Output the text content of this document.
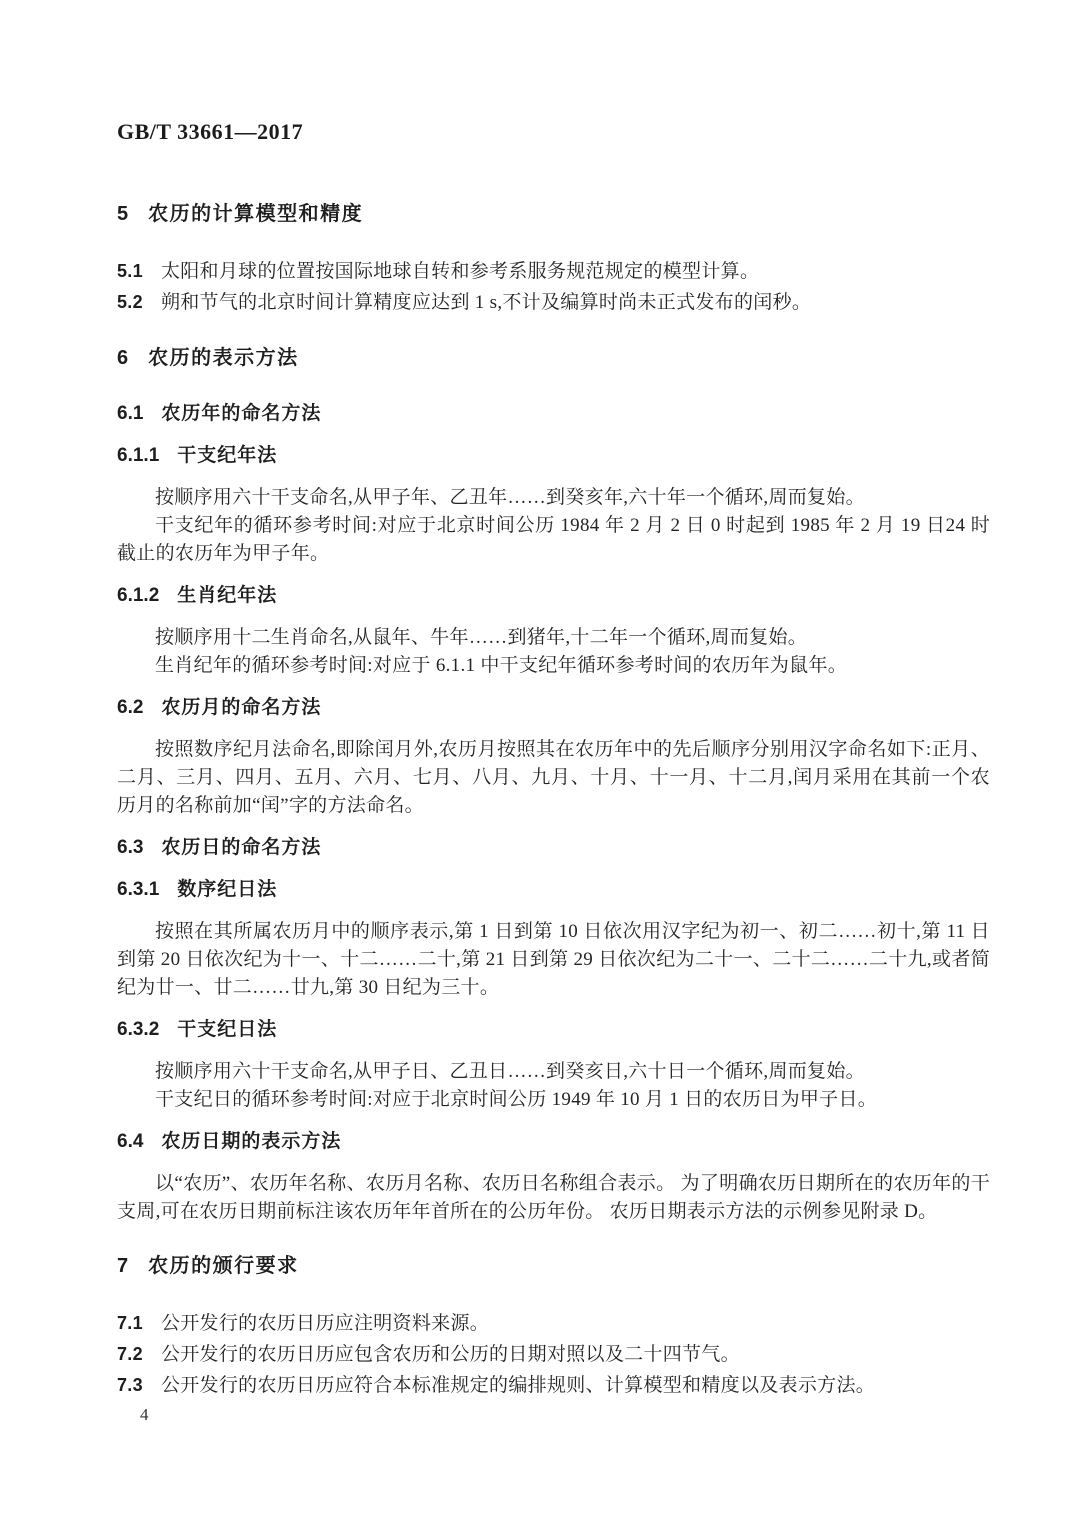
GB/T 33661—2017
5 农历的计算模型和精度

5.1 太阳和月球的位置按国际地球自转和参考系服务规范规定的模型计算。

5.2 朔和节气的北京时间计算精度应达到 1 s,不计及编算时尚未正式发布的闰秒。

6 农历的表示方法
6.1 农历年的命名方法
6.1.1 干支纪年法

按顺序用六十干支命名,从甲子年、乙丑年……到癸亥年,六十年一个循环,周而复始。

干支纪年的循环参考时间:对应于北京时间公历 1984 年 2 月 2 日 0 时起到 1985 年 2 月 19 日24 时截止的农历年为甲子年。

6.1.2 生肖纪年法

按顺序用十二生肖命名,从鼠年、牛年……到猪年,十二年一个循环,周而复始。

生肖纪年的循环参考时间:对应于 6.1.1 中干支纪年循环参考时间的农历年为鼠年。

6.2 农历月的命名方法

按照数序纪月法命名,即除闰月外,农历月按照其在农历年中的先后顺序分别用汉字命名如下:正月、二月、三月、四月、五月、六月、七月、八月、九月、十月、十一月、十二月,闰月采用在其前一个农历月的名称前加“闰”字的方法命名。

6.3 农历日的命名方法
6.3.1 数序纪日法

按照在其所属农历月中的顺序表示,第 1 日到第 10 日依次用汉字纪为初一、初二……初十,第 11 日到第 20 日依次纪为十一、十二……二十,第 21 日到第 29 日依次纪为二十一、二十二……二十九,或者简纪为廿一、廿二……廿九,第 30 日纪为三十。

6.3.2 干支纪日法

按顺序用六十干支命名,从甲子日、乙丑日……到癸亥日,六十日一个循环,周而复始。

干支纪日的循环参考时间:对应于北京时间公历 1949 年 10 月 1 日的农历日为甲子日。

6.4 农历日期的表示方法

以“农历”、农历年名称、农历月名称、农历日名称组合表示。 为了明确农历日期所在的农历年的干支周,可在农历日期前标注该农历年年首所在的公历年份。 农历日期表示方法的示例参见附录 D。

7 农历的颁行要求

7.1 公开发行的农历日历应注明资料来源。

7.2 公开发行的农历日历应包含农历和公历的日期对照以及二十四节气。

7.3 公开发行的农历日历应符合本标准规定的编排规则、计算模型和精度以及表示方法。

4
